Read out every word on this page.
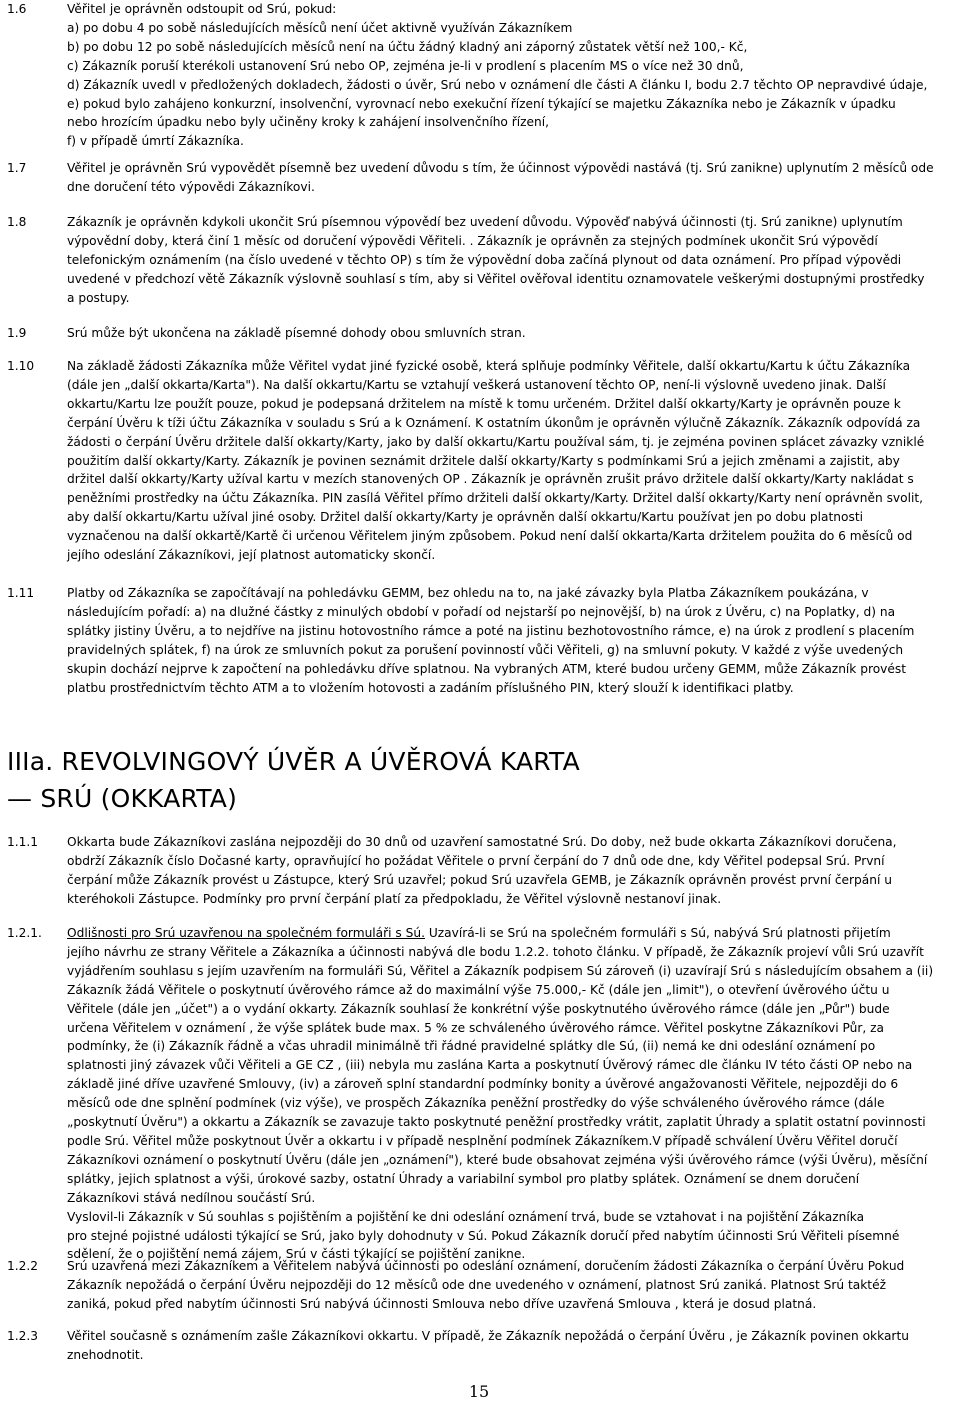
1.6	Věřitel je oprávněn odstoupit od Srú, pokud:
a) po dobu 4 po sobě následujících měsíců není účet aktivně využíván Zákazníkem
b) po dobu 12 po sobě následujících měsíců není na účtu žádný kladný ani záporný zůstatek větší než 100,- Kč,
c) Zákazník poruší kterékoli ustanovení Srú nebo OP, zejména je-li v prodlení s placením MS o více než 30 dnů,
d) Zákazník uvedl v předložených dokladech, žádosti o úvěr, Srú nebo v oznámení dle části A článku I, bodu 2.7 těchto OP nepravdivé údaje,
e) pokud bylo zahájeno konkurzní, insolvenční, vyrovnací nebo exekuční řízení týkající se majetku Zákazníka nebo je Zákazník v úpadku
nebo hrozícím úpadku nebo byly učiněny kroky k zahájení insolvenčního řízení,
f) v případě úmrtí Zákazníka.
1.7	Věřitel je oprávněn Srú vypovědět písemně bez uvedení důvodu s tím, že účinnost výpovědi nastává (tj. Srú zanikne) uplynutím 2 měsíců ode
dne doručení této výpovědi Zákazníkovi.
1.8	Zákazník je oprávněn kdykoli ukončit Srú písemnou výpovědí bez uvedení důvodu. Výpověď nabývá účinnosti (tj. Srú zanikne) uplynutím
výpovědní doby, která činí 1 měsíc od doručení výpovědi Věřiteli. . Zákazník je oprávněn za stejných podmínek ukončit Srú výpovědí
telefonickým oznámením (na číslo uvedené v těchto OP) s tím že výpovědní doba začíná plynout od data oznámení. Pro případ výpovědi
uvedené v předchozí větě Zákazník výslovně souhlasí s tím, aby si Věřitel ověřoval identitu oznamovatele veškerými dostupnými prostředky
a postupy.
1.9	Srú může být ukončena na základě písemné dohody obou smluvních stran.
1.10	Na základě žádosti Zákazníka může Věřitel vydat jiné fyzické osobě, která splňuje podmínky Věřitele, další okkartu/Kartu k účtu Zákazníka
(dále jen „další okkarta/Karta"). Na další okkartu/Kartu se vztahují veškerá ustanovení těchto OP, není-li výslovně uvedeno jinak. Další
okkartu/Kartu lze použít pouze, pokud je podepsaná držitelem na místě k tomu určeném. Držitel další okkarty/Karty je oprávněn pouze k
čerpání Úvěru k tíži účtu Zákazníka v souladu s Srú a k Oznámení. K ostatním úkonům je oprávněn výlučně Zákazník. Zákazník odpovídá za
žádosti o čerpání Úvěru držitele další okkarty/Karty, jako by další okkartu/Kartu používal sám, tj. je zejména povinen splácet závazky vzniklé
použitím další okkarty/Karty. Zákazník je povinen seznámit držitele další okkarty/Karty s podmínkami Srú a jejich změnami a zajistit, aby
držitel další okkarty/Karty užíval kartu v mezích stanovených OP . Zákazník je oprávněn zrušit právo držitele další okkarty/Karty nakládat s
peněžními prostředky na účtu Zákazníka. PIN zasílá Věřitel přímo držiteli další okkarty/Karty. Držitel další okkarty/Karty není oprávněn svolit,
aby další okkartu/Kartu užíval jiné osoby. Držitel další okkarty/Karty je oprávněn další okkartu/Kartu používat jen po dobu platnosti
vyznačenou na další okkartě/Kartě či určenou Věřitelem jiným způsobem. Pokud není další okkarta/Karta držitelem použita do 6 měsíců od
jejího odeslání Zákazníkovi, její platnost automaticky skončí.
1.11	Platby od Zákazníka se započítávají na pohledávku GEMM, bez ohledu na to, na jaké závazky byla Platba Zákazníkem poukázána, v
následujícím pořadí: a) na dlužné částky z minulých období v pořadí od nejstarší po nejnovější, b) na úrok z Úvěru, c) na Poplatky, d) na
splátky jistiny Úvěru, a to nejdříve na jistinu hotovostního rámce a poté na jistinu bezhotovostního rámce, e) na úrok z prodlení s placením
pravidelných splátek, f) na úrok ze smluvních pokut za porušení povinností vůči Věřiteli, g) na smluvní pokuty. V každé z výše uvedených
skupin dochází nejprve k započtení na pohledávku dříve splatnou. Na vybraných ATM, které budou určeny GEMM, může Zákazník provést
platbu prostřednictvím těchto ATM a to vložením hotovosti a zadáním příslušného PIN, který slouží k identifikaci platby.
IIIa. REVOLVINGOVÝ ÚVĚR A ÚVĚROVÁ KARTA
— SRÚ (OKKARTA)
1.1.1 Okkarta bude Zákazníkovi zaslána nejpozději do 30 dnů od uzavření samostatné Srú. Do doby, než bude okkarta Zákazníkovi doručena,
obdrží Zákazník číslo Dočasné karty, opravňující ho požádat Věřitele o první čerpání do 7 dnů ode dne, kdy Věřitel podepsal Srú. První
čerpání může Zákazník provést u Zástupce, který Srú uzavřel; pokud Srú uzavřela GEMB, je Zákazník oprávněn provést první čerpání u
kteréhokoli Zástupce. Podmínky pro první čerpání platí za předpokladu, že Věřitel výslovně nestanoví jinak.
1.2.1. Odlišnosti pro Srú uzavřenou na společném formuláři s Sú. Uzavírá-li se Srú na společném formuláři s Sú, nabývá Srú platnosti přijetím
jejího návrhu ze strany Věřitele a Zákazníka a účinnosti nabývá dle bodu 1.2.2. tohoto článku. V případě, že Zákazník projeví vůli Srú uzavřít
vyjádřením souhlasu s jejím uzavřením na formuláři Sú, Věřitel a Zákazník podpisem Sú zároveň (i) uzavírají Srú s následujícím obsahem a (ii)
Zákazník žádá Věřitele o poskytnutí úvěrového rámce až do maximální výše 75.000,- Kč (dále jen „limit"), o otevření úvěrového účtu u
Věřitele (dále jen „účet") a o vydání okkarty. Zákazník souhlasí že konkrétní výše poskytnutého úvěrového rámce (dále jen „Půr") bude
určena Věřitelem v oznámení , že výše splátek bude max. 5 % ze schváleného úvěrového rámce. Věřitel poskytne Zákazníkovi Půr, za
podmínky, že (i) Zákazník řádně a včas uhradil minimálně tři řádné pravidelné splátky dle Sú, (ii) nemá ke dni odeslání oznámení po
splatnosti jiný závazek vůči Věřiteli a GE CZ , (iii) nebyla mu zaslána Karta a poskytnutí Úvěrový rámec dle článku IV této části OP nebo na
základě jiné dříve uzavřené Smlouvy, (iv) a zároveň splní standardní podmínky bonity a úvěrové angažovanosti Věřitele, nejpozději do 6
měsíců ode dne splnění podmínek (viz výše), ve prospěch Zákazníka peněžní prostředky do výše schváleného úvěrového rámce (dále
„poskytnutí Úvěru") a okkartu a Zákazník se zavazuje takto poskytnuté peněžní prostředky vrátit, zaplatit Úhrady a splatit ostatní povinnosti
podle Srú. Věřitel může poskytnout Úvěr a okkartu i v případě nesplnění podmínek Zákazníkem.V případě schválení Úvěru Věřitel doručí
Zákazníkovi oznámení o poskytnutí Úvěru (dále jen „oznámení"), které bude obsahovat zejména výši úvěrového rámce (výši Úvěru), měsíční
splátky, jejich splatnost a výši, úrokové sazby, ostatní Úhrady a variabilní symbol pro platby splátek. Oznámení se dnem doručení
Zákazníkovi stává nedílnou součástí Srú.
Vyslovil-li Zákazník v Sú souhlas s pojištěním a pojištění ke dni odeslání oznámení trvá, bude se vztahovat i na pojištění Zákazníka
pro stejné pojistné události týkající se Srú, jako byly dohodnuty v Sú. Pokud Zákazník doručí před nabytím účinnosti Srú Věřiteli písemné
sdělení, že o pojištění nemá zájem, Srú v části týkající se pojištění zanikne.
1.2.2 Srú uzavřená mezi Zákazníkem a Věřitelem nabývá účinnosti po odeslání oznámení, doručením žádosti Zákazníka o čerpání Úvěru Pokud
Zákazník nepožádá o čerpání Úvěru nejpozději do 12 měsíců ode dne uvedeného v oznámení, platnost Srú zaniká. Platnost Srú taktéž
zaniká, pokud před nabytím účinnosti Srú nabývá účinnosti Smlouva nebo dříve uzavřená Smlouva , která je dosud platná.
1.2.3 Věřitel současně s oznámením zašle Zákazníkovi okkartu. V případě, že Zákazník nepožádá o čerpání Úvěru , je Zákazník povinen okkartu
znehodnotit.
15
